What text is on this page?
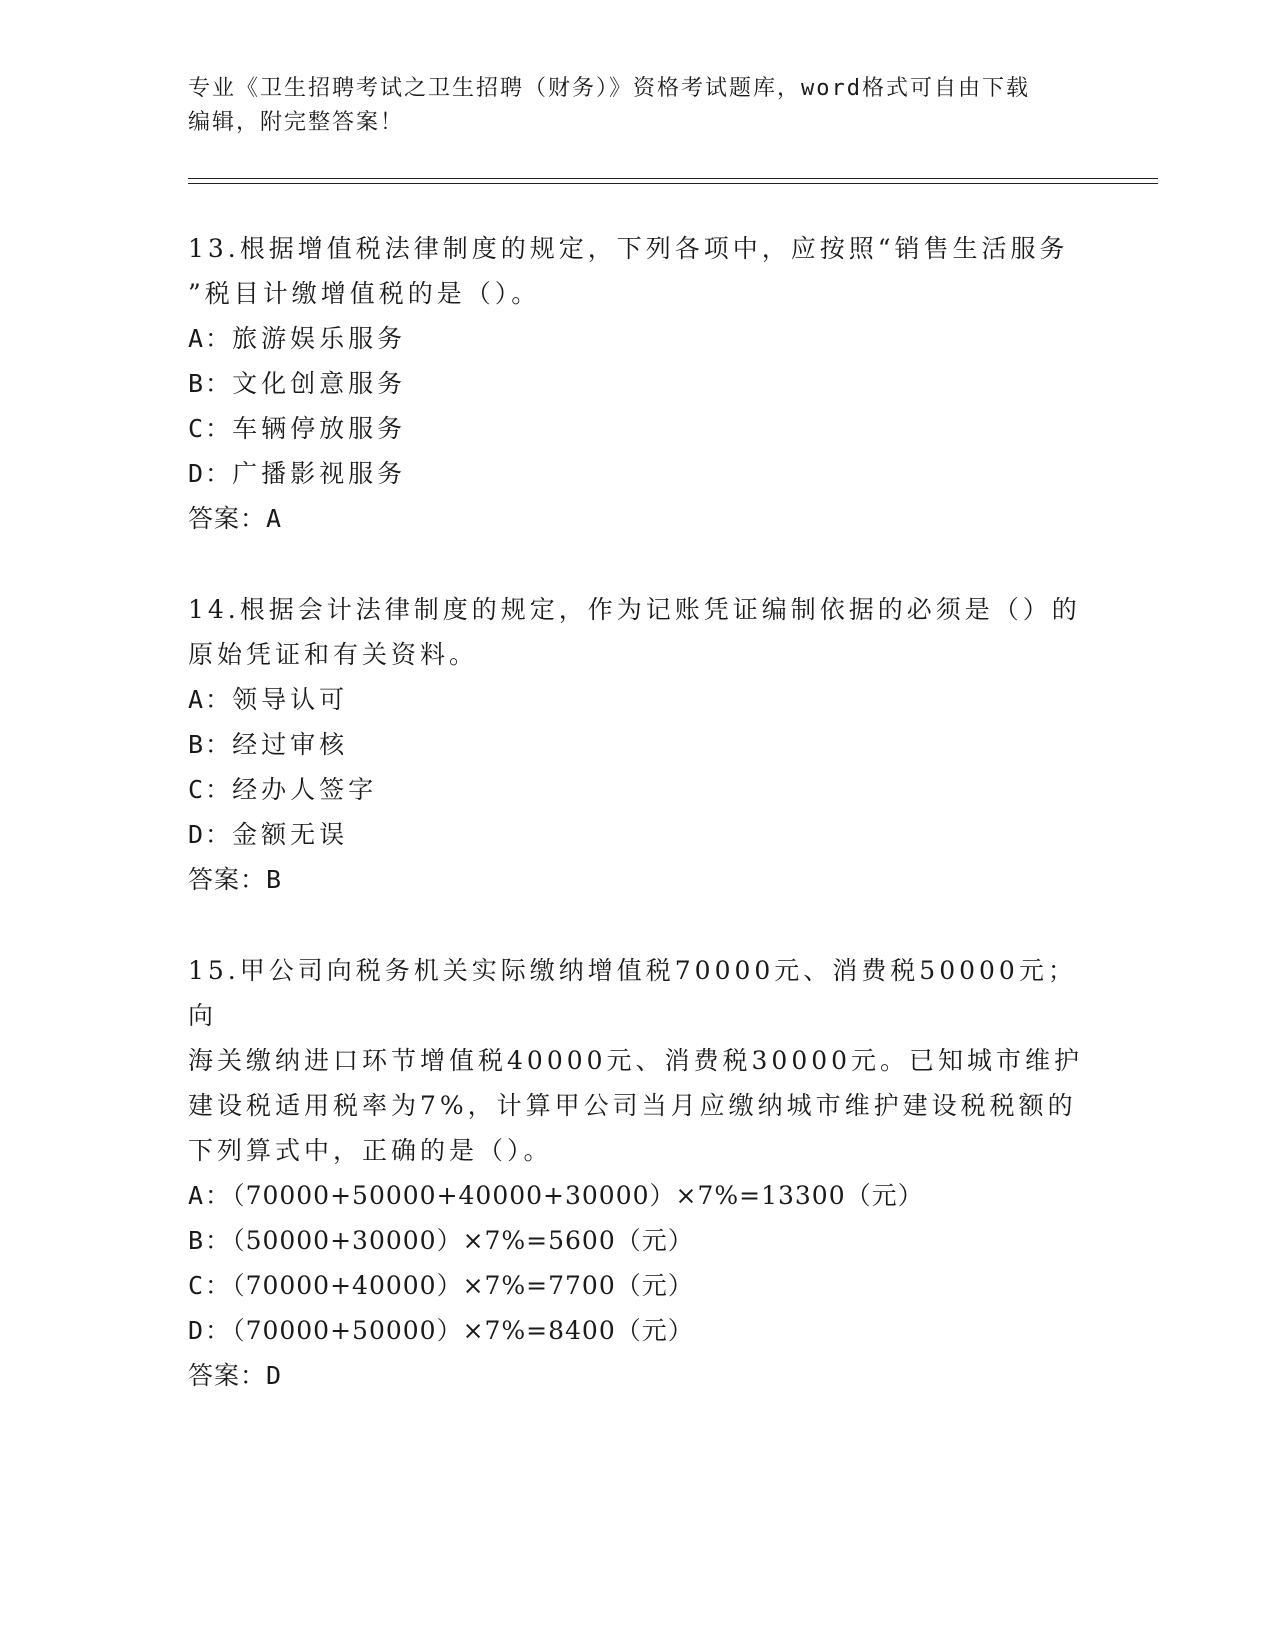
专业《卫生招聘考试之卫生招聘（财务）》资格考试题库，word格式可自由下载
编辑，附完整答案！

13.根据增值税法律制度的规定，下列各项中，应按照“销售生活服务

”税目计缴增值税的是（）。

A：旅游娱乐服务

B：文化创意服务

C：车辆停放服务

D：广播影视服务

答案：A

14.根据会计法律制度的规定，作为记账凭证编制依据的必须是（）的

原始凭证和有关资料。

A：领导认可

B：经过审核

C：经办人签字

D：金额无误

答案：B

15.甲公司向税务机关实际缴纳增值税70000元、消费税50000元；向

海关缴纳进口环节增值税40000元、消费税30000元。已知城市维护

建设税适用税率为7%，计算甲公司当月应缴纳城市维护建设税税额的

下列算式中，正确的是（）。

A：（70000+50000+40000+30000）×7%=13300（元）

B：（50000+30000）×7%=5600（元）

C：（70000+40000）×7%=7700（元）

D：（70000+50000）×7%=8400（元）

答案：D
